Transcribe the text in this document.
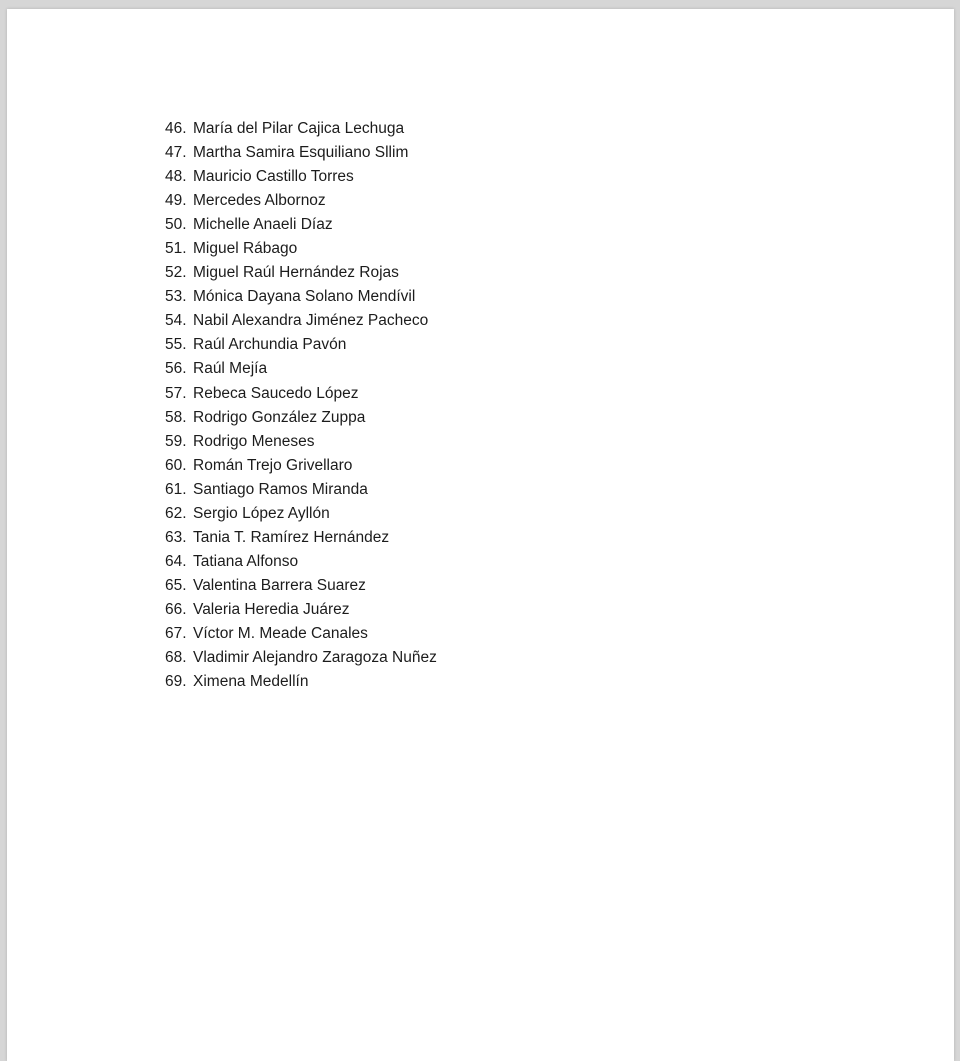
46. María del Pilar Cajica Lechuga
47. Martha Samira Esquiliano Sllim
48. Mauricio Castillo Torres
49. Mercedes Albornoz
50. Michelle Anaeli Díaz
51. Miguel Rábago
52. Miguel Raúl Hernández Rojas
53. Mónica Dayana Solano Mendívil
54. Nabil Alexandra Jiménez Pacheco
55. Raúl Archundia Pavón
56. Raúl Mejía
57. Rebeca Saucedo López
58. Rodrigo González Zuppa
59. Rodrigo Meneses
60. Román Trejo Grivellaro
61. Santiago Ramos Miranda
62. Sergio López Ayllón
63. Tania T. Ramírez Hernández
64. Tatiana Alfonso
65. Valentina Barrera Suarez
66. Valeria Heredia Juárez
67. Víctor M. Meade Canales
68. Vladimir Alejandro Zaragoza Nuñez
69. Ximena Medellín
